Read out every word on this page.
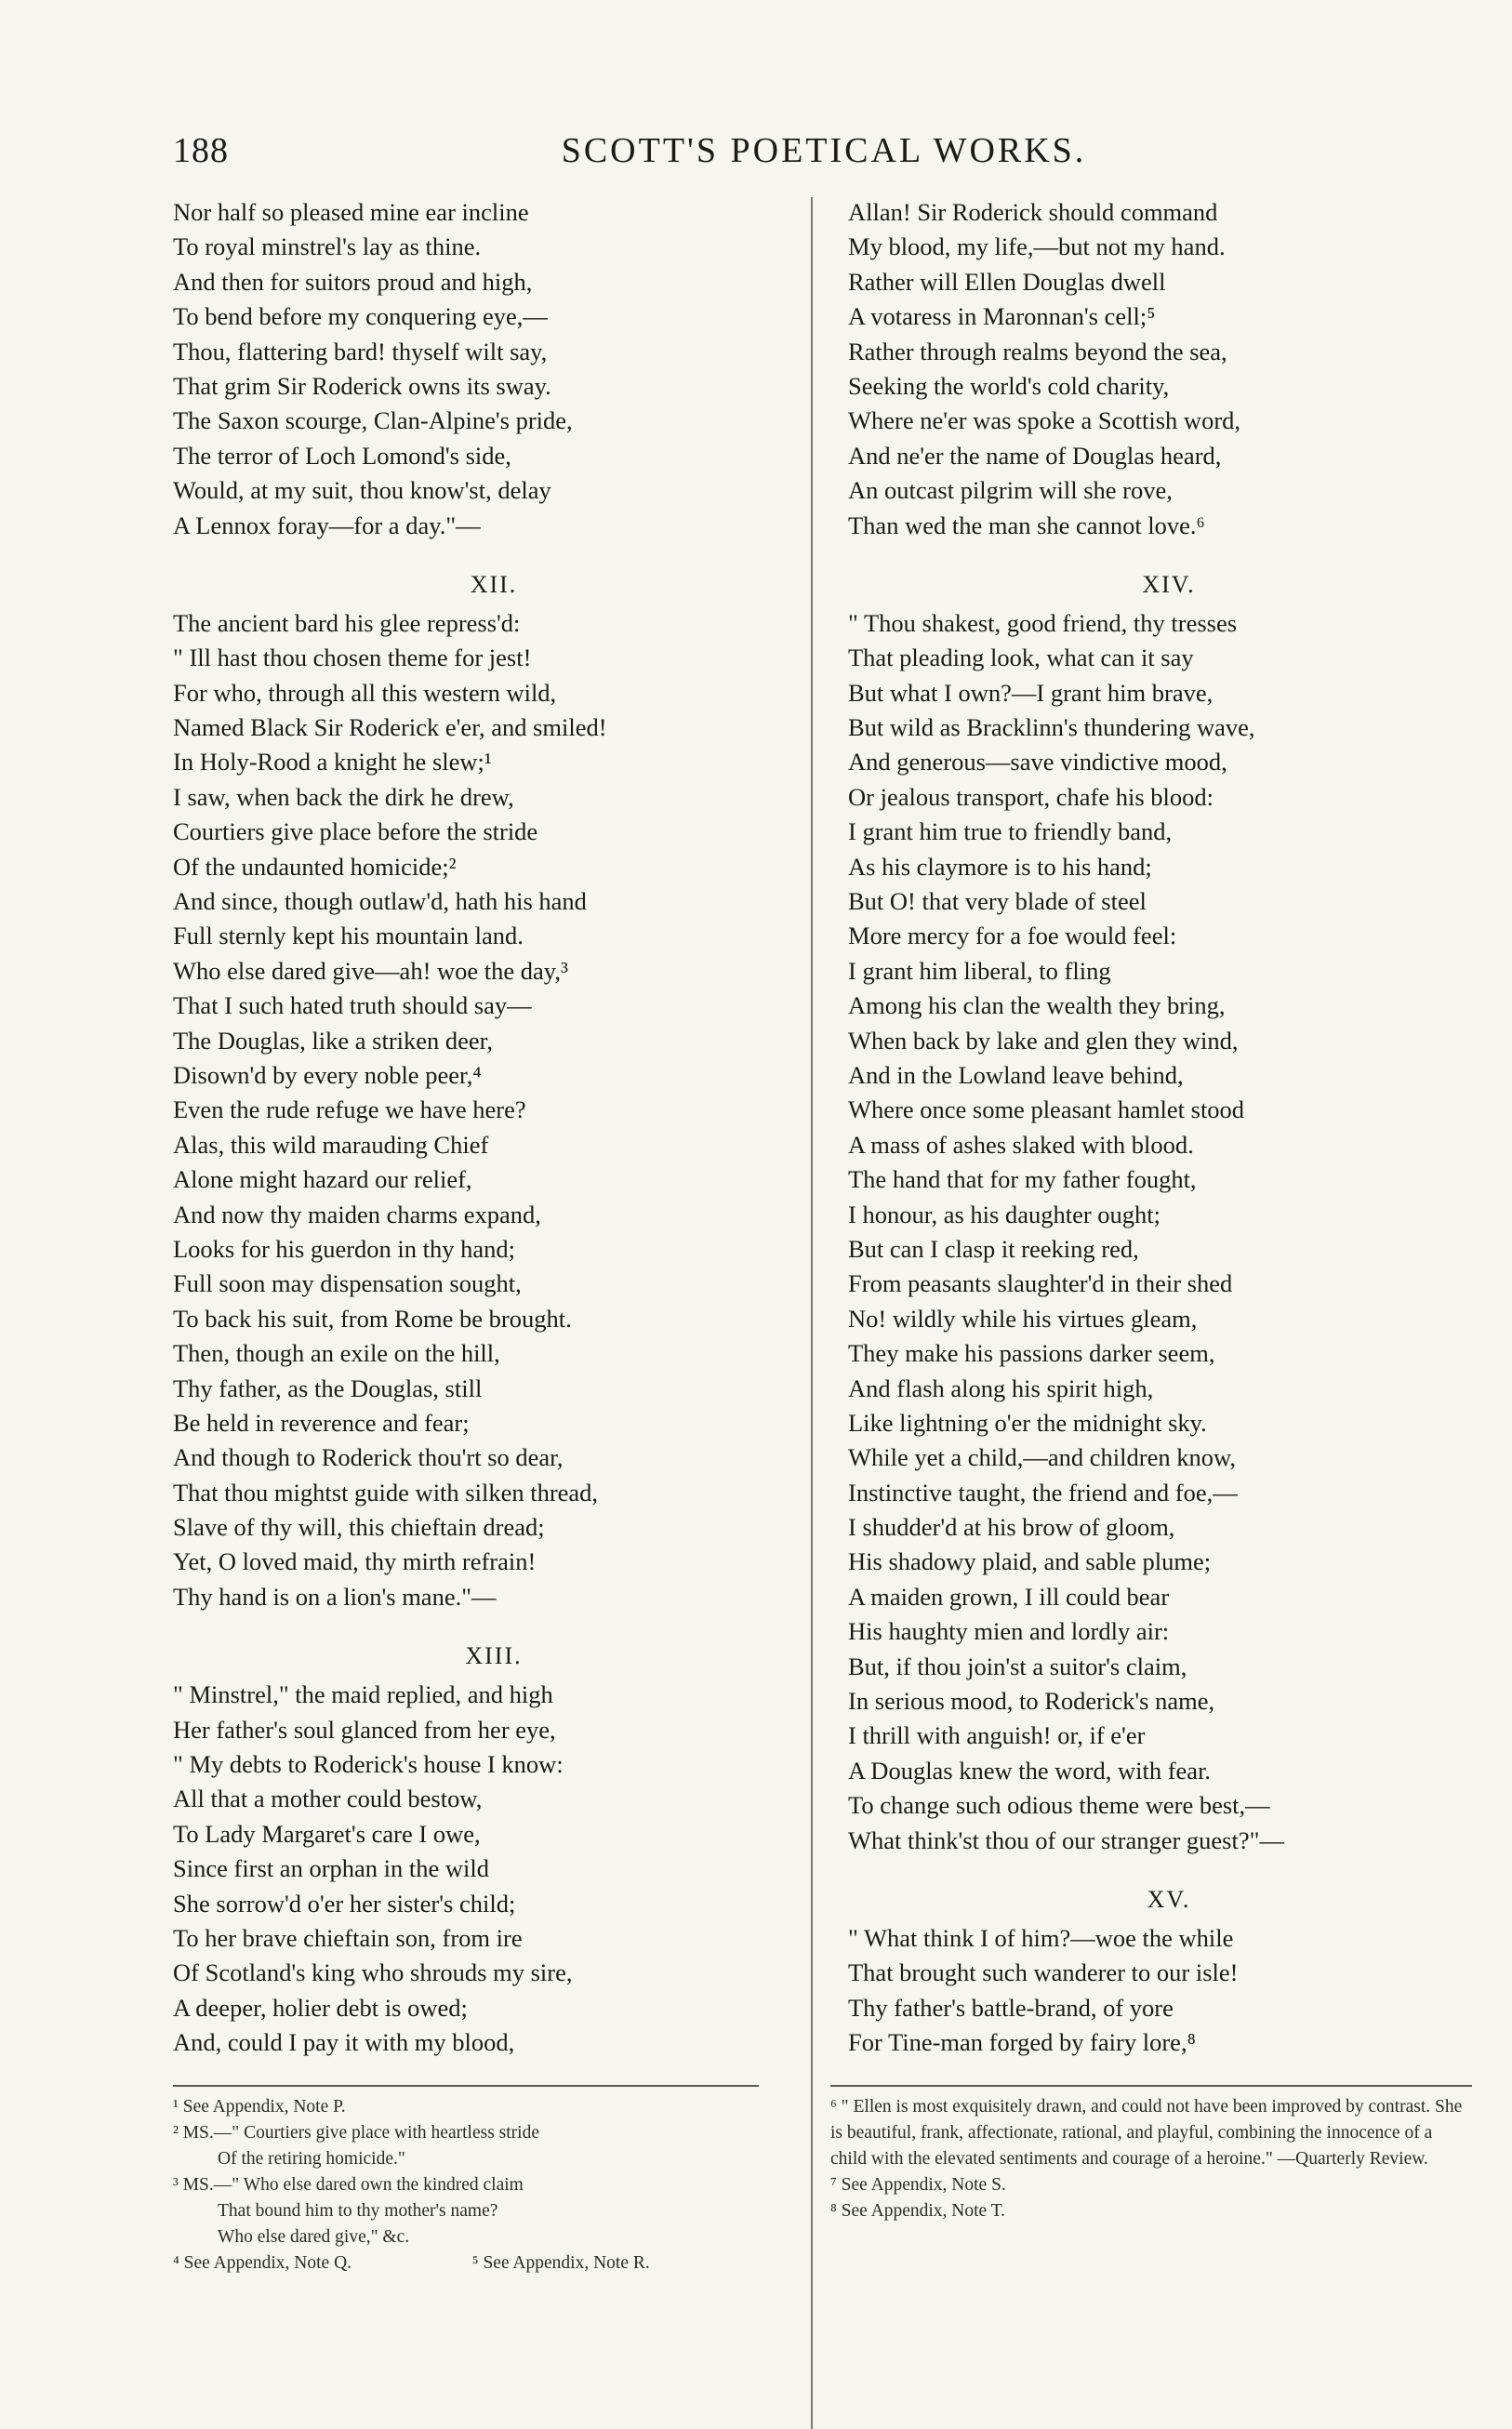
188	SCOTT'S POETICAL WORKS.
Nor half so pleased mine ear incline
To royal minstrel's lay as thine.
And then for suitors proud and high,
To bend before my conquering eye,—
Thou, flattering bard! thyself wilt say,
That grim Sir Roderick owns its sway.
The Saxon scourge, Clan-Alpine's pride,
The terror of Loch Lomond's side,
Would, at my suit, thou know'st, delay
A Lennox foray—for a day."—
XII.
The ancient bard his glee repress'd:
" Ill hast thou chosen theme for jest!
For who, through all this western wild,
Named Black Sir Roderick e'er, and smiled!
In Holy-Rood a knight he slew;¹
I saw, when back the dirk he drew,
Courtiers give place before the stride
Of the undaunted homicide;²
And since, though outlaw'd, hath his hand
Full sternly kept his mountain land.
Who else dared give—ah! woe the day,³
That I such hated truth should say—
The Douglas, like a striken deer,
Disown'd by every noble peer,⁴
Even the rude refuge we have here?
Alas, this wild marauding Chief
Alone might hazard our relief,
And now thy maiden charms expand,
Looks for his guerdon in thy hand;
Full soon may dispensation sought,
To back his suit, from Rome be brought.
Then, though an exile on the hill,
Thy father, as the Douglas, still
Be held in reverence and fear;
And though to Roderick thou'rt so dear,
That thou mightst guide with silken thread,
Slave of thy will, this chieftain dread;
Yet, O loved maid, thy mirth refrain!
Thy hand is on a lion's mane."—
XIII.
" Minstrel," the maid replied, and high
Her father's soul glanced from her eye,
" My debts to Roderick's house I know:
All that a mother could bestow,
To Lady Margaret's care I owe,
Since first an orphan in the wild
She sorrow'd o'er her sister's child;
To her brave chieftain son, from ire
Of Scotland's king who shrouds my sire,
A deeper, holier debt is owed;
And, could I pay it with my blood,
¹ See Appendix, Note P.
² MS.—" Courtiers give place with heartless stride
Of the retiring homicide."
³ MS.—" Who else dared own the kindred claim
That bound him to thy mother's name?
Who else dared give," &c.
⁴ See Appendix, Note Q.	⁵ See Appendix, Note R.
Allan! Sir Roderick should command
My blood, my life,—but not my hand.
Rather will Ellen Douglas dwell
A votaress in Maronnan's cell;⁵
Rather through realms beyond the sea,
Seeking the world's cold charity,
Where ne'er was spoke a Scottish word,
And ne'er the name of Douglas heard,
An outcast pilgrim will she rove,
Than wed the man she cannot love.⁶
XIV.
" Thou shakest, good friend, thy tresses
That pleading look, what can it say
But what I own?—I grant him brave,
But wild as Bracklinn's thundering wave,
And generous—save vindictive mood,
Or jealous transport, chafe his blood:
I grant him true to friendly band,
As his claymore is to his hand;
But O! that very blade of steel
More mercy for a foe would feel:
I grant him liberal, to fling
Among his clan the wealth they bring,
When back by lake and glen they wind,
And in the Lowland leave behind,
Where once some pleasant hamlet stood
A mass of ashes slaked with blood.
The hand that for my father fought,
I honour, as his daughter ought;
But can I clasp it reeking red,
From peasants slaughter'd in their shed
No! wildly while his virtues gleam,
They make his passions darker seem,
And flash along his spirit high,
Like lightning o'er the midnight sky.
While yet a child,—and children know,
Instinctive taught, the friend and foe,—
I shudder'd at his brow of gloom,
His shadowy plaid, and sable plume;
A maiden grown, I ill could bear
His haughty mien and lordly air:
But, if thou join'st a suitor's claim,
In serious mood, to Roderick's name,
I thrill with anguish! or, if e'er
A Douglas knew the word, with fear.
To change such odious theme were best,—
What think'st thou of our stranger guest?"—
XV.
" What think I of him?—woe the while
That brought such wanderer to our isle!
Thy father's battle-brand, of yore
For Tine-man forged by fairy lore,⁸
⁶ " Ellen is most exquisitely drawn, and could not have been improved by contrast. She is beautiful, frank, affectionate, rational, and playful, combining the innocence of a child with the elevated sentiments and courage of a heroine." —Quarterly Review.
⁷ See Appendix, Note S.
⁸ See Appendix, Note T.
